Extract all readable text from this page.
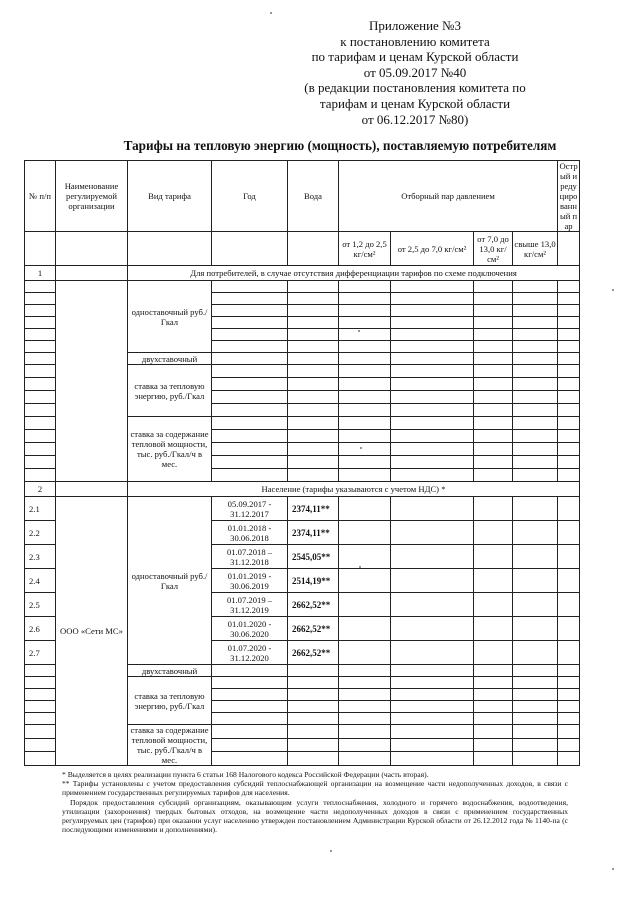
Приложение №3
к постановлению комитета
по тарифам и ценам Курской области
от 05.09.2017 №40
(в редакции постановления комитета по
тарифам и ценам Курской области
от 06.12.2017 №80)
Тарифы на тепловую энергию (мощность), поставляемую потребителям
№ п/п	Наименование регулируемой организации	Вид тарифа	Год	Вода	Отборный пар давлением				Острый и редуцированный пар
					от 1,2 до 2,5 кг/см²	от 2,5 до 7,0 кг/см²	от 7,0 до 13,0 кг/см²	свыше 13,0 кг/см²	
1		Для потребителей, в случае отсутствия дифференциации тарифов по схеме подключения							
		одноставочный руб./Гкал							

		двухставочный							
		ставка за тепловую энергию, руб./Гкал							

		ставка за содержание тепловой мощности, тыс. руб./Гкал/ч в мес.							

2		Население (тарифы указываются с учетом НДС) *							
2.1	ООО «Сети МС»	одноставочный руб./Гкал	05.09.2017 - 31.12.2017	2374,11**					
2.2			01.01.2018 - 30.06.2018	2374,11**					
2.3			01.07.2018 – 31.12.2018	2545,05**					
2.4			01.01.2019 - 30.06.2019	2514,19**					
2.5			01.07.2019 – 31.12.2019	2662,52**					
2.6			01.01.2020 - 30.06.2020	2662,52**					
2.7			01.07.2020 - 31.12.2020	2662,52**					
		двухставочный							
		ставка за тепловую энергию, руб./Гкал							

		ставка за содержание тепловой мощности, тыс. руб./Гкал/ч в мес.							

* Выделяется в целях реализации пункта 6 статьи 168 Налогового кодекса Российской Федерации (часть вторая).

** Тарифы установлены с учетом предоставления субсидий теплоснабжающей организации на возмещение части недополученных доходов, в связи с применением государственных регулируемых тарифов для населения.

Порядок предоставления субсидий организациям, оказывающим услуги теплоснабжения, холодного и горячего водоснабжения, водоотведения, утилизации (захоронения) твердых бытовых отходов, на возмещение части недополученных доходов в связи с применением государственных регулируемых цен (тарифов) при оказании услуг населению утвержден постановлением Администрации Курской области от 26.12.2012 года № 1140-па (с последующими изменениями и дополнениями).
